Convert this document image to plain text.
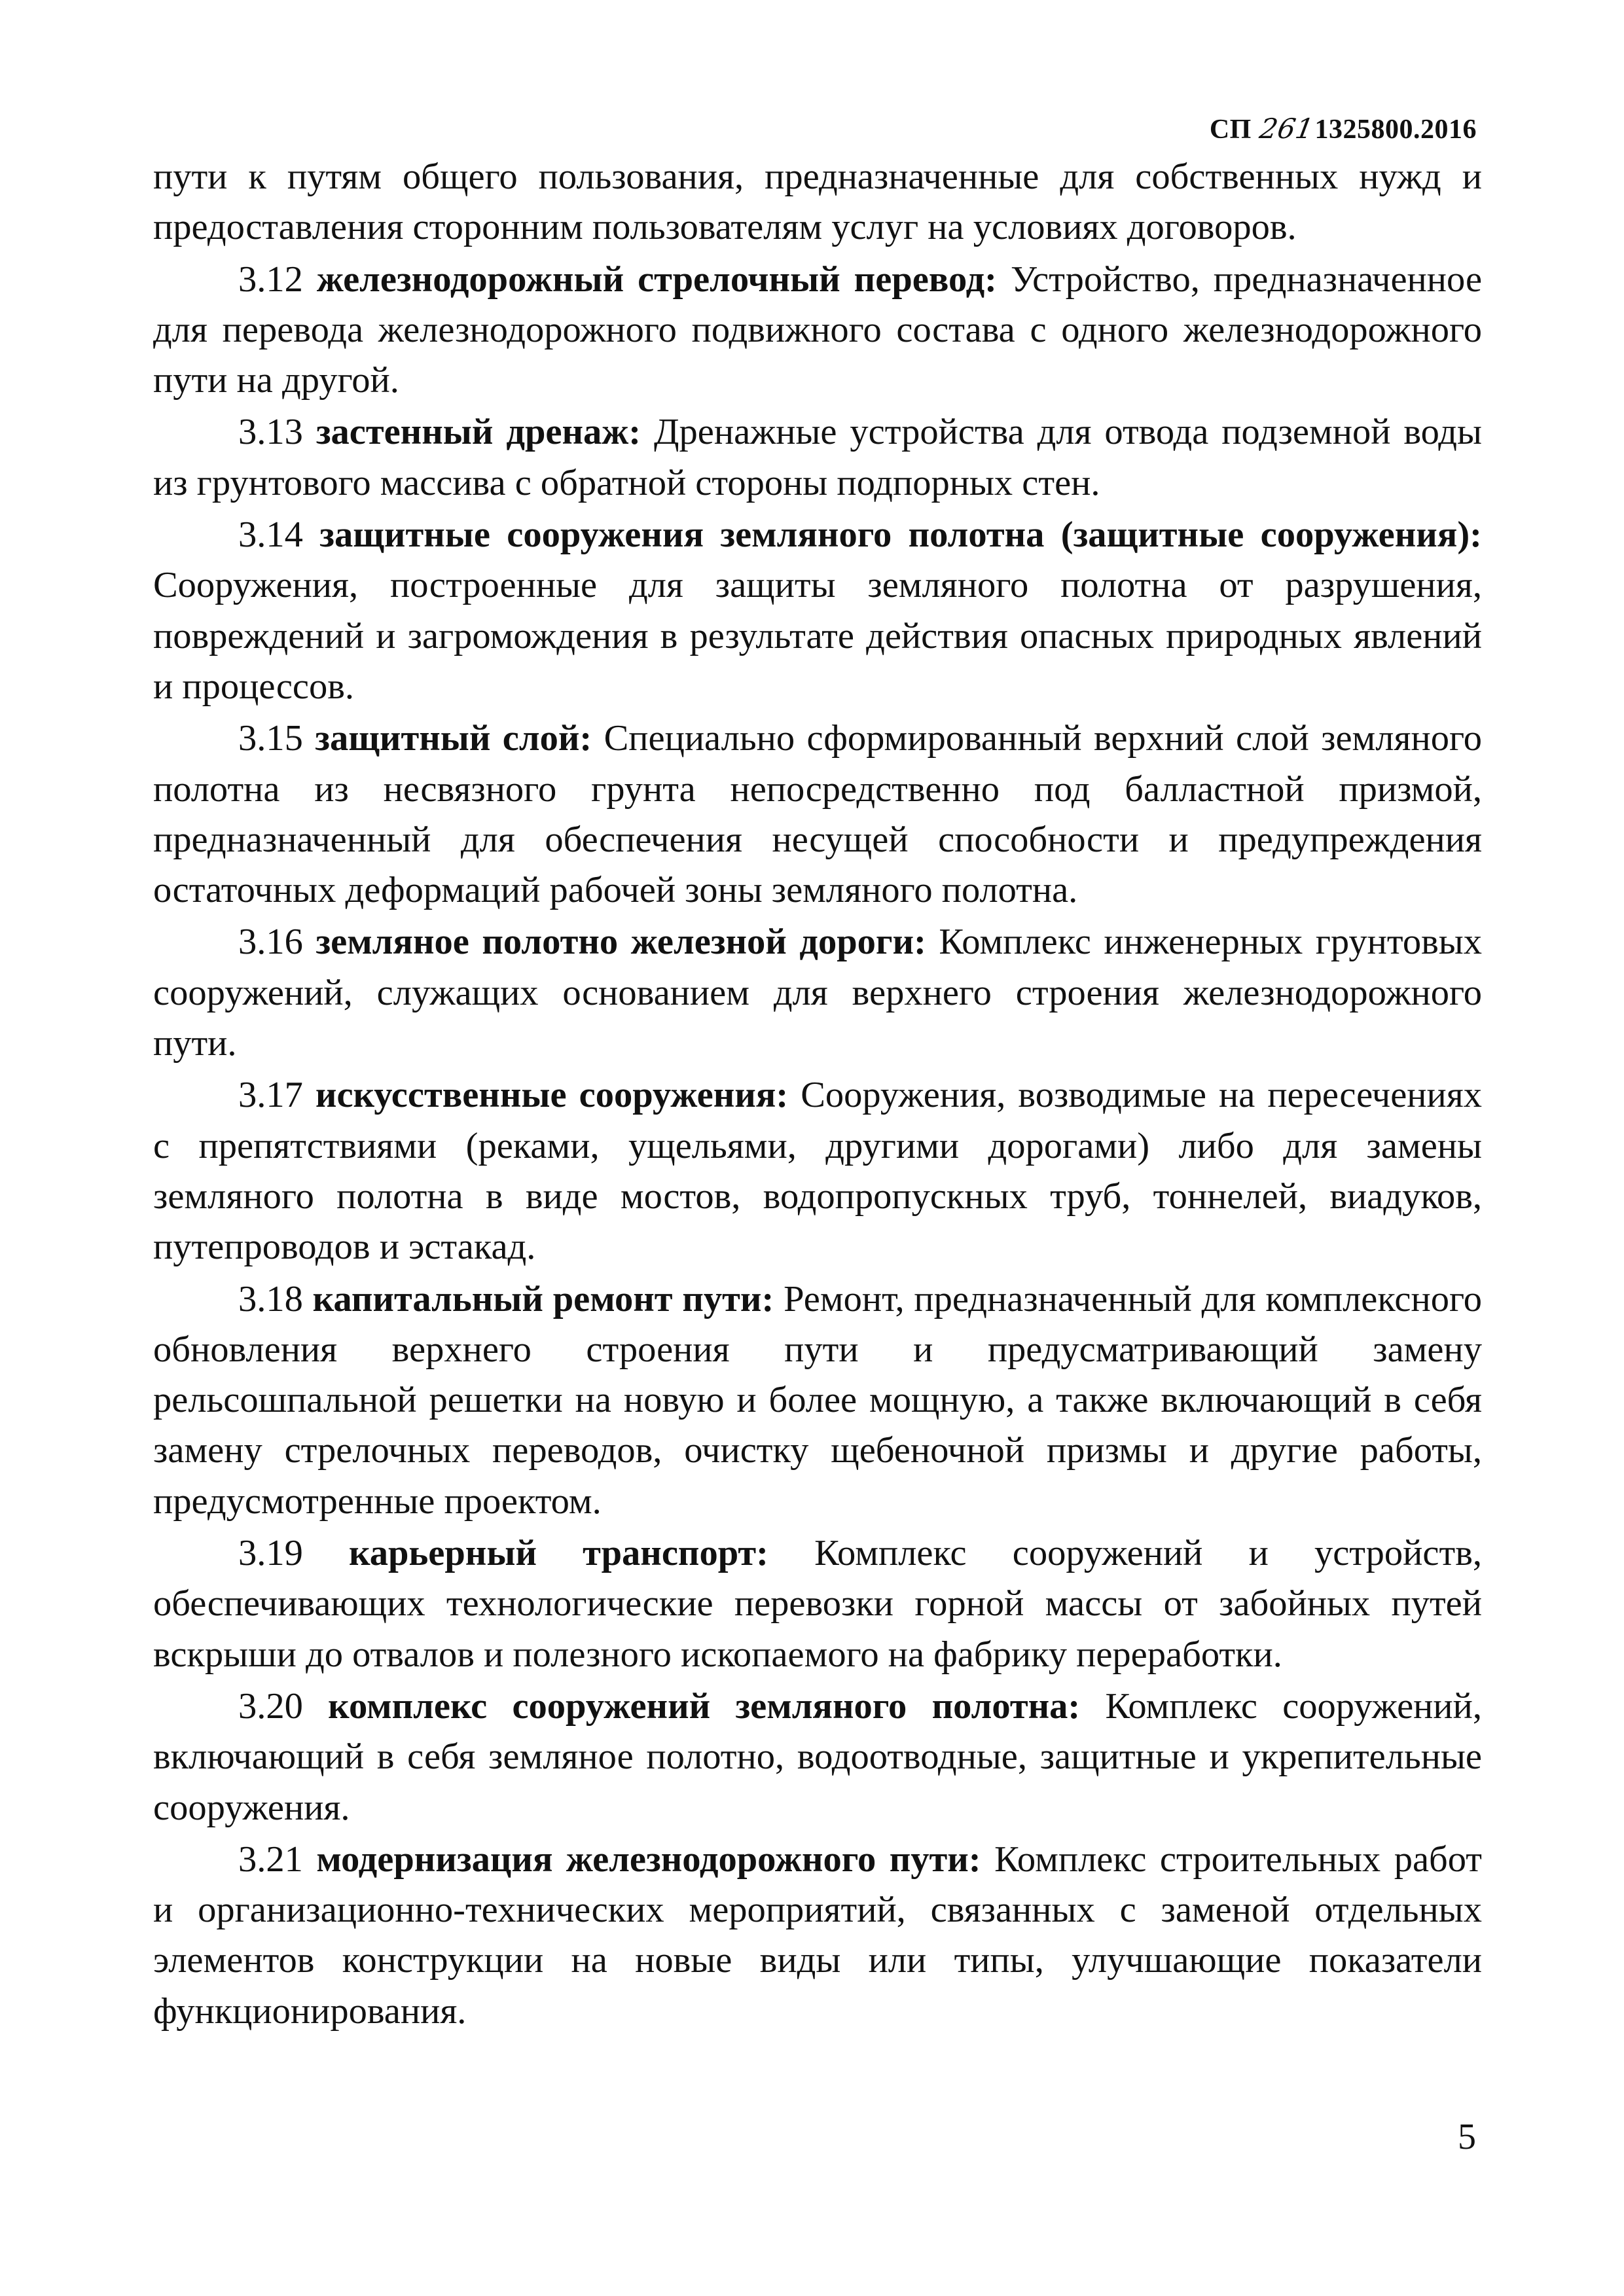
СП 2611325800.2016

пути к путям общего пользования, предназначенные для собственных нужд и предоставления сторонним пользователям услуг на условиях договоров.

3.12 железнодорожный стрелочный перевод: Устройство, предназначенное для перевода железнодорожного подвижного состава с одного железнодорожного пути на другой.

3.13 застенный дренаж: Дренажные устройства для отвода подземной воды из грунтового массива с обратной стороны подпорных стен.

3.14 защитные сооружения земляного полотна (защитные сооружения): Сооружения, построенные для защиты земляного полотна от разрушения, повреждений и загромождения в результате действия опасных природных явлений и процессов.

3.15 защитный слой: Специально сформированный верхний слой земляного полотна из несвязного грунта непосредственно под балластной призмой, предназначенный для обеспечения несущей способности и предупреждения остаточных деформаций рабочей зоны земляного полотна.

3.16 земляное полотно железной дороги: Комплекс инженерных грунтовых сооружений, служащих основанием для верхнего строения железнодорожного пути.

3.17 искусственные сооружения: Сооружения, возводимые на пересечениях с препятствиями (реками, ущельями, другими дорогами) либо для замены земляного полотна в виде мостов, водопропускных труб, тоннелей, виадуков, путепроводов и эстакад.

3.18 капитальный ремонт пути: Ремонт, предназначенный для комплексного обновления верхнего строения пути и предусматривающий замену рельсошпальной решетки на новую и более мощную, а также включающий в себя замену стрелочных переводов, очистку щебеночной призмы и другие работы, предусмотренные проектом.

3.19 карьерный транспорт: Комплекс сооружений и устройств, обеспечивающих технологические перевозки горной массы от забойных путей вскрыши до отвалов и полезного ископаемого на фабрику переработки.

3.20 комплекс сооружений земляного полотна: Комплекс сооружений, включающий в себя земляное полотно, водоотводные, защитные и укрепительные сооружения.

3.21 модернизация железнодорожного пути: Комплекс строительных работ и организационно-технических мероприятий, связанных с заменой отдельных элементов конструкции на новые виды или типы, улучшающие показатели функционирования.

5
